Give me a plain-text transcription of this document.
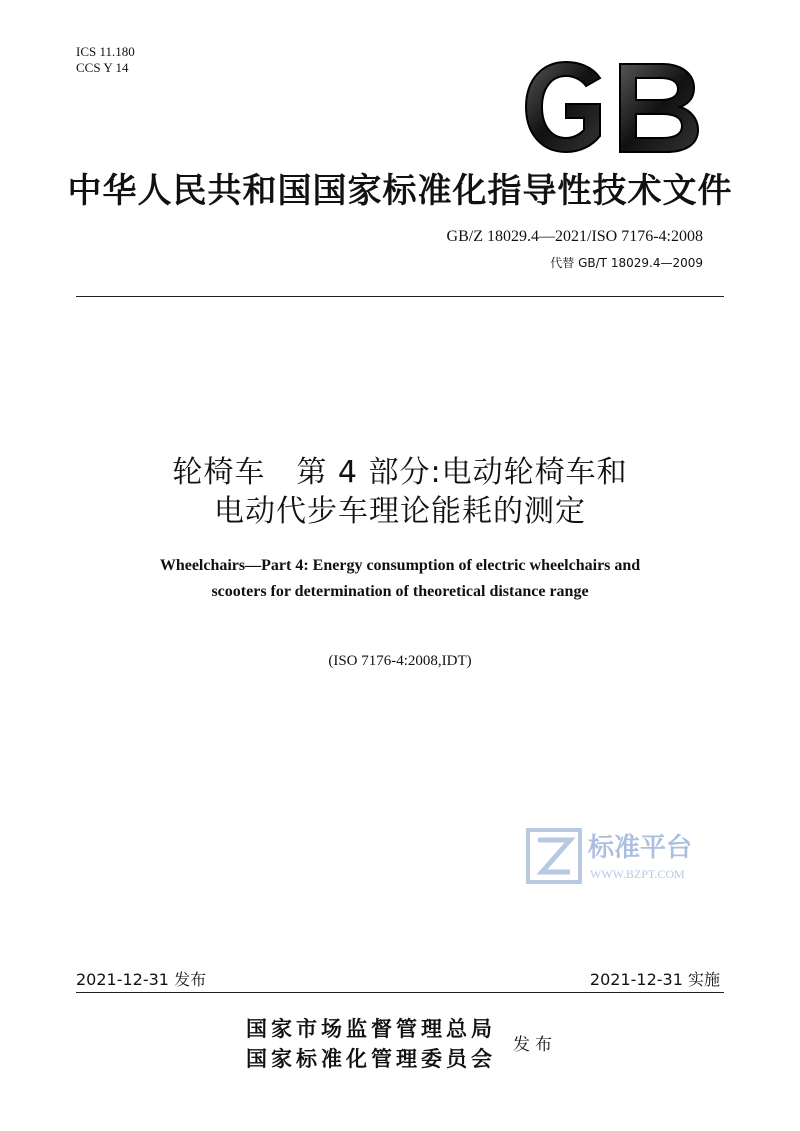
ICS 11.180
CCS Y 14
中华人民共和国国家标准化指导性技术文件
GB/Z 18029.4—2021/ISO 7176-4:2008
代替 GB/T 18029.4—2009
轮椅车　第 4 部分:电动轮椅车和
电动代步车理论能耗的测定
Wheelchairs—Part 4: Energy consumption of electric wheelchairs and
scooters for determination of theoretical distance range
(ISO 7176-4:2008,IDT)
标准平台
WWW.BZPT.COM
2021-12-31 发布	2021-12-31 实施
国家市场监督管理总局
国家标准化管理委员会
发布
